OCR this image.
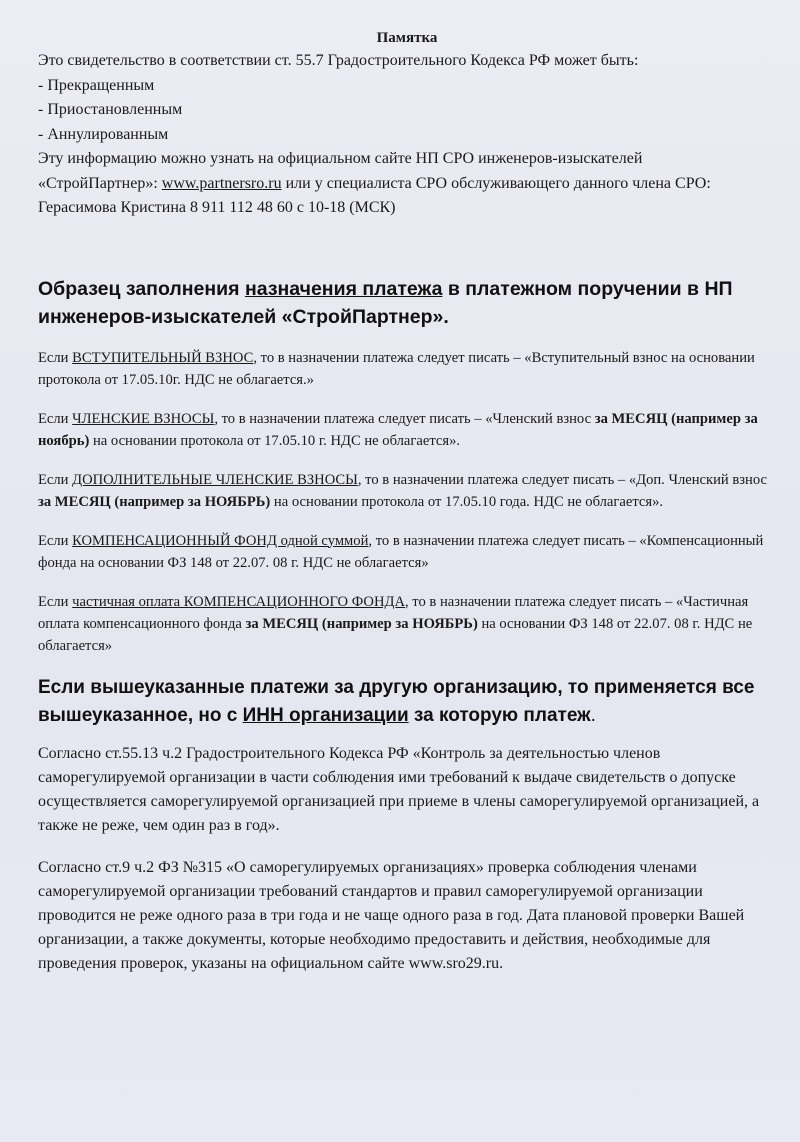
Памятка

Это свидетельство в соответствии ст. 55.7 Градостроительного Кодекса РФ может быть:

- Прекращенным

- Приостановленным

- Аннулированным

Эту информацию можно узнать на официальном сайте НП СРО инженеров-изыскателей

«СтройПартнер»: www.partnersro.ru или у специалиста СРО обслуживающего данного члена СРО:

Герасимова Кристина 8 911 112 48 60 с 10-18 (МСК)

Образец заполнения назначения платежа в платежном поручении в НП
инженеров-изыскателей «СтройПартнер».

Если ВСТУПИТЕЛЬНЫЙ ВЗНОС, то в назначении платежа следует писать – «Вступительный взнос на основании протокола от 17.05.10г. НДС не облагается.»

Если ЧЛЕНСКИЕ ВЗНОСЫ, то в назначении платежа следует писать – «Членский взнос за МЕСЯЦ (например за ноябрь) на основании протокола от 17.05.10 г. НДС не облагается».

Если ДОПОЛНИТЕЛЬНЫЕ ЧЛЕНСКИЕ ВЗНОСЫ, то в назначении платежа следует писать – «Доп. Членский взнос за МЕСЯЦ (например за НОЯБРЬ) на основании протокола от 17.05.10 года. НДС не облагается».

Если КОМПЕНСАЦИОННЫЙ ФОНД одной суммой, то в назначении платежа следует писать – «Компенсационный фонда на основании ФЗ 148 от 22.07. 08 г. НДС не облагается»

Если частичная оплата КОМПЕНСАЦИОННОГО ФОНДА, то в назначении платежа следует писать – «Частичная оплата компенсационного фонда за МЕСЯЦ (например за НОЯБРЬ) на основании ФЗ 148 от 22.07. 08 г. НДС не облагается»

Если вышеуказанные платежи за другую организацию, то применяется все вышеуказанное, но с ИНН организации за которую платеж.

Согласно ст.55.13 ч.2 Градостроительного Кодекса РФ «Контроль за деятельностью членов саморегулируемой организации в части соблюдения ими требований к выдаче свидетельств о допуске осуществляется саморегулируемой организацией при приеме в члены саморегулируемой организацией, а также не реже, чем один раз в год».

Согласно ст.9 ч.2 ФЗ №315 «О саморегулируемых организациях» проверка соблюдения членами саморегулируемой организации требований стандартов и правил саморегулируемой организации проводится не реже одного раза в три года и не чаще одного раза в год. Дата плановой проверки Вашей организации, а также документы, которые необходимо предоставить и действия, необходимые для проведения проверок, указаны на официальном сайте www.sro29.ru.
